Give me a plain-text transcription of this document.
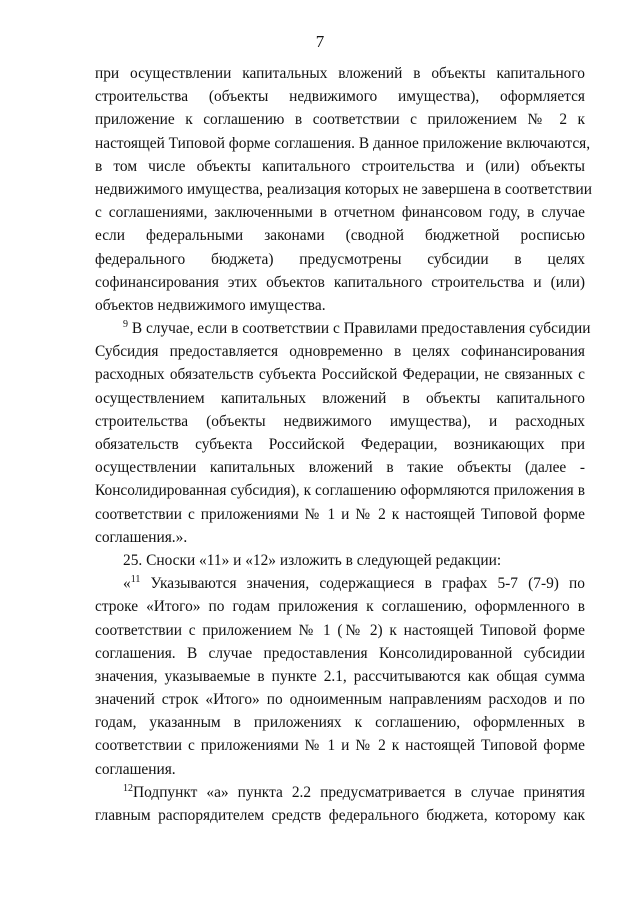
7
при осуществлении капитальных вложений в объекты капитального
строительства (объекты недвижимого имущества), оформляется
приложение к соглашению в соответствии с приложением № 2 к
настоящей Типовой форме соглашения. В данное приложение включаются,
в том числе объекты капитального строительства и (или) объекты
недвижимого имущества, реализация которых не завершена в соответствии
с соглашениями, заключенными в отчетном финансовом году, в случае
если федеральными законами (сводной бюджетной росписью
федерального бюджета) предусмотрены субсидии в целях
софинансирования этих объектов капитального строительства и (или)
объектов недвижимого имущества.
$^9$ В случае, если в соответствии с Правилами предоставления субсидии
Субсидия предоставляется одновременно в целях софинансирования
расходных обязательств субъекта Российской Федерации, не связанных с
осуществлением капитальных вложений в объекты капитального
строительства (объекты недвижимого имущества), и расходных
обязательств субъекта Российской Федерации, возникающих при
осуществлении капитальных вложений в такие объекты (далее -
Консолидированная субсидия), к соглашению оформляются приложения в
соответствии с приложениями № 1 и № 2 к настоящей Типовой форме
соглашения.».
25. Сноски «11» и «12» изложить в следующей редакции:
«$^{11}$ Указываются значения, содержащиеся в графах 5-7 (7-9) по
строке «Итого» по годам приложения к соглашению, оформленного в
соответствии с приложением № 1 (№ 2) к настоящей Типовой форме
соглашения. В случае предоставления Консолидированной субсидии
значения, указываемые в пункте 2.1, рассчитываются как общая сумма
значений строк «Итого» по одноименным направлениям расходов и по
годам, указанным в приложениях к соглашению, оформленных в
соответствии с приложениями № 1 и № 2 к настоящей Типовой форме
соглашения.
$^{12}$Подпункт «а» пункта 2.2 предусматривается в случае принятия
главным распорядителем средств федерального бюджета, которому как
